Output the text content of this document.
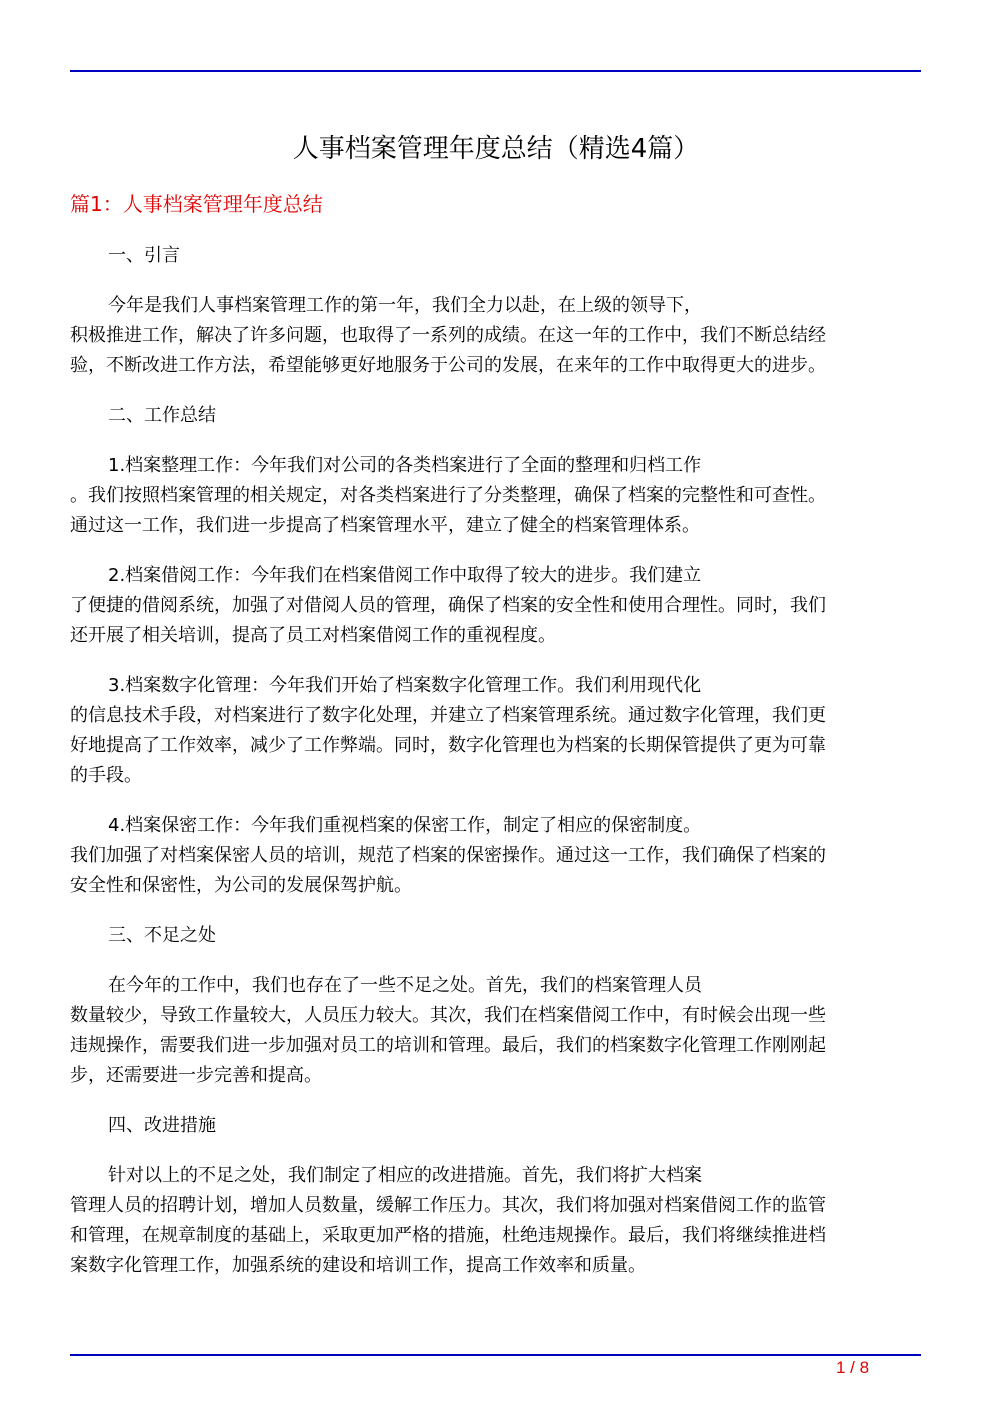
人事档案管理年度总结（精选4篇）
篇1：人事档案管理年度总结
一、引言
今年是我们人事档案管理工作的第一年，我们全力以赴，在上级的领导下，
积极推进工作，解决了许多问题，也取得了一系列的成绩。在这一年的工作中，我们不断总结经
验，不断改进工作方法，希望能够更好地服务于公司的发展，在来年的工作中取得更大的进步。
二、工作总结
1.档案整理工作：今年我们对公司的各类档案进行了全面的整理和归档工作
。我们按照档案管理的相关规定，对各类档案进行了分类整理，确保了档案的完整性和可查性。
通过这一工作，我们进一步提高了档案管理水平，建立了健全的档案管理体系。
2.档案借阅工作：今年我们在档案借阅工作中取得了较大的进步。我们建立
了便捷的借阅系统，加强了对借阅人员的管理，确保了档案的安全性和使用合理性。同时，我们
还开展了相关培训，提高了员工对档案借阅工作的重视程度。
3.档案数字化管理：今年我们开始了档案数字化管理工作。我们利用现代化
的信息技术手段，对档案进行了数字化处理，并建立了档案管理系统。通过数字化管理，我们更
好地提高了工作效率，减少了工作弊端。同时，数字化管理也为档案的长期保管提供了更为可靠
的手段。
4.档案保密工作：今年我们重视档案的保密工作，制定了相应的保密制度。
我们加强了对档案保密人员的培训，规范了档案的保密操作。通过这一工作，我们确保了档案的
安全性和保密性，为公司的发展保驾护航。
三、不足之处
在今年的工作中，我们也存在了一些不足之处。首先，我们的档案管理人员
数量较少，导致工作量较大，人员压力较大。其次，我们在档案借阅工作中，有时候会出现一些
违规操作，需要我们进一步加强对员工的培训和管理。最后，我们的档案数字化管理工作刚刚起
步，还需要进一步完善和提高。
四、改进措施
针对以上的不足之处，我们制定了相应的改进措施。首先，我们将扩大档案
管理人员的招聘计划，增加人员数量，缓解工作压力。其次，我们将加强对档案借阅工作的监管
和管理，在规章制度的基础上，采取更加严格的措施，杜绝违规操作。最后，我们将继续推进档
案数字化管理工作，加强系统的建设和培训工作，提高工作效率和质量。
1 / 8
